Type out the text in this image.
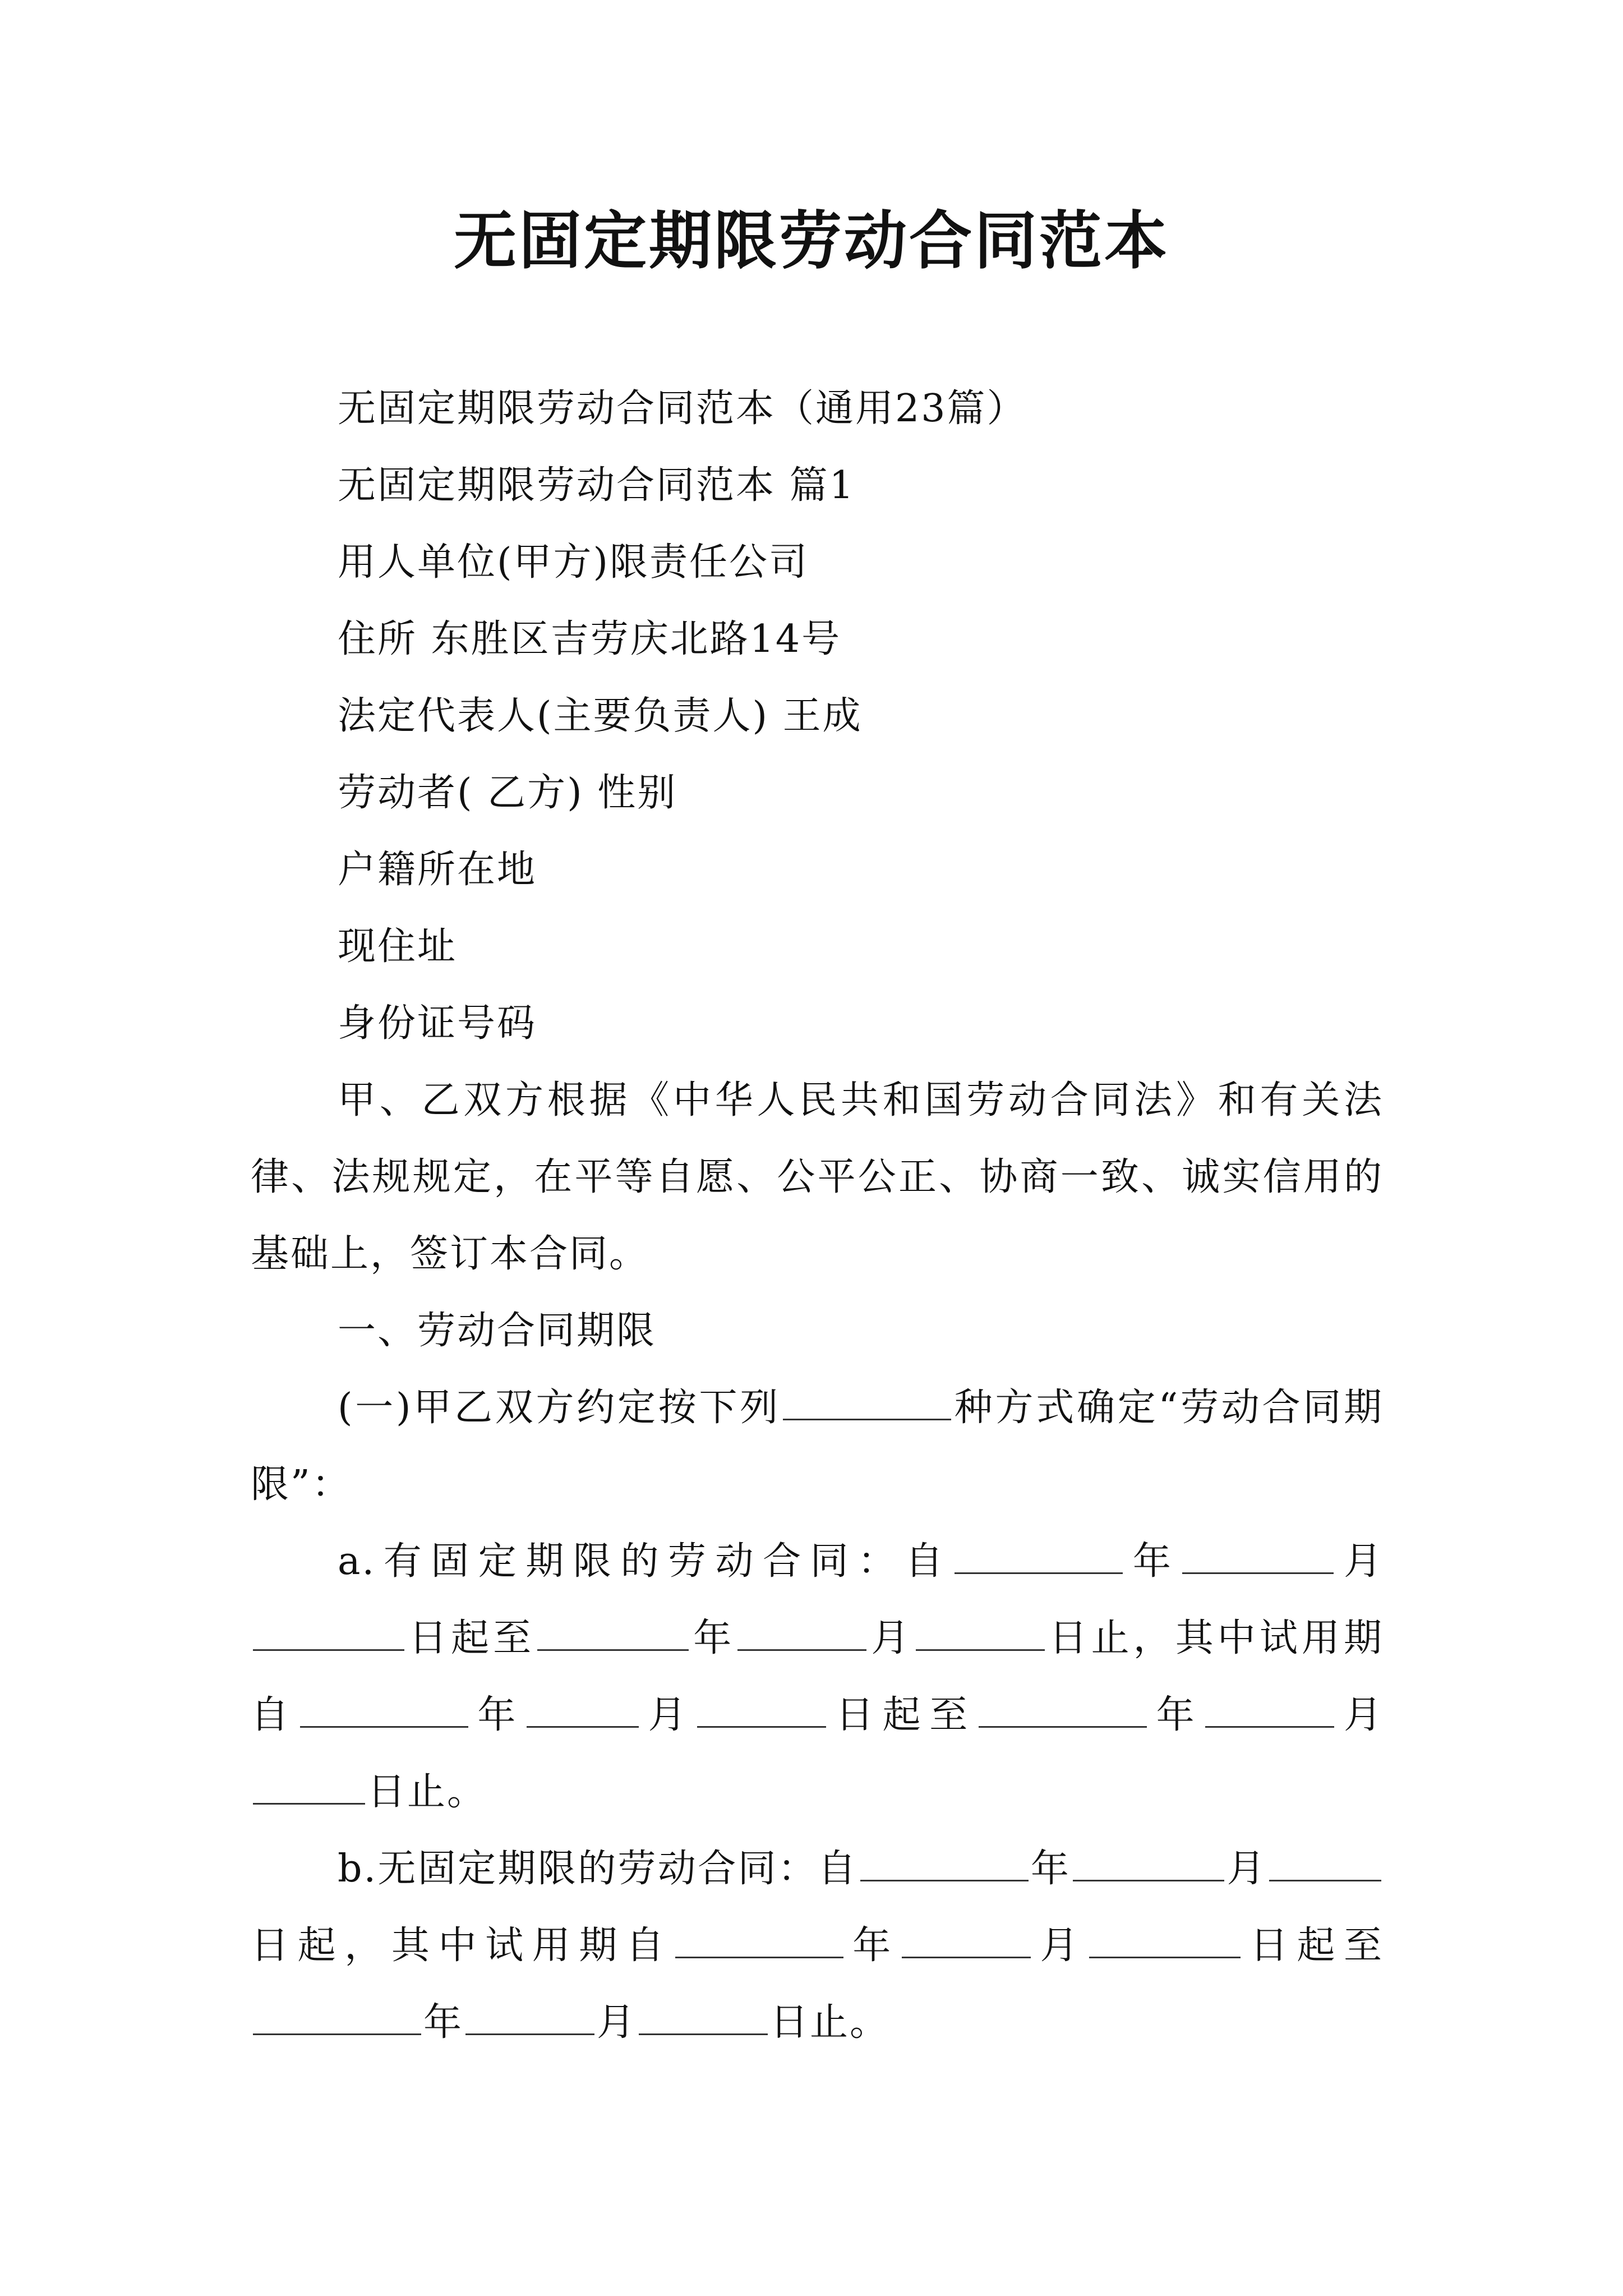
无固定期限劳动合同范本

无固定期限劳动合同范本（通用23篇）

无固定期限劳动合同范本 篇1

用人单位(甲方)限责任公司

住所 东胜区吉劳庆北路14号

法定代表人(主要负责人) 王成

劳动者( 乙方) 性别

户籍所在地

现住址

身份证号码

甲、乙双方根据《中华人民共和国劳动合同法》和有关法律、法规规定，在平等自愿、公平公正、协商一致、诚实信用的基础上，签订本合同。

一、劳动合同期限

(一)甲乙双方约定按下列	种方式确定“劳动合同期限”：

a.有固定期限的劳动合同：自	年	月日起至	年	月	日止，其中试用期自	年	月	日起至	年	月日止。

b.无固定期限的劳动合同：自	年	月日起，其中试用期自	年	月	日起至年	月	日止。
